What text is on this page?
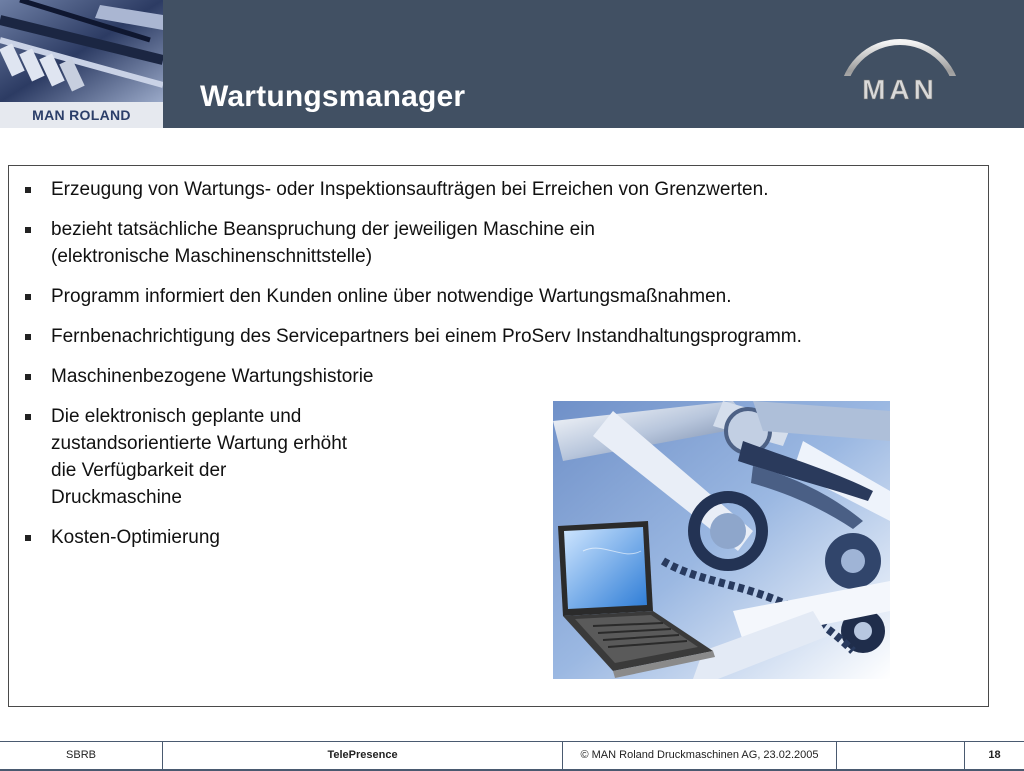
MAN ROLAND
Wartungsmanager	MAN
Erzeugung von Wartungs- oder Inspektionsaufträgen bei Erreichen von Grenzwerten.
bezieht tatsächliche Beanspruchung der jeweiligen Maschine ein
(elektronische Maschinenschnittstelle)
Programm informiert den Kunden online über notwendige Wartungsmaßnahmen.
Fernbenachrichtigung des Servicepartners bei einem ProServ Instandhaltungsprogramm.
Maschinenbezogene Wartungshistorie
Die elektronisch geplante und zustandsorientierte Wartung erhöht die Verfügbarkeit der Druckmaschine
Kosten-Optimierung
SBRB	TelePresence	© MAN Roland Druckmaschinen AG, 23.02.2005	18
